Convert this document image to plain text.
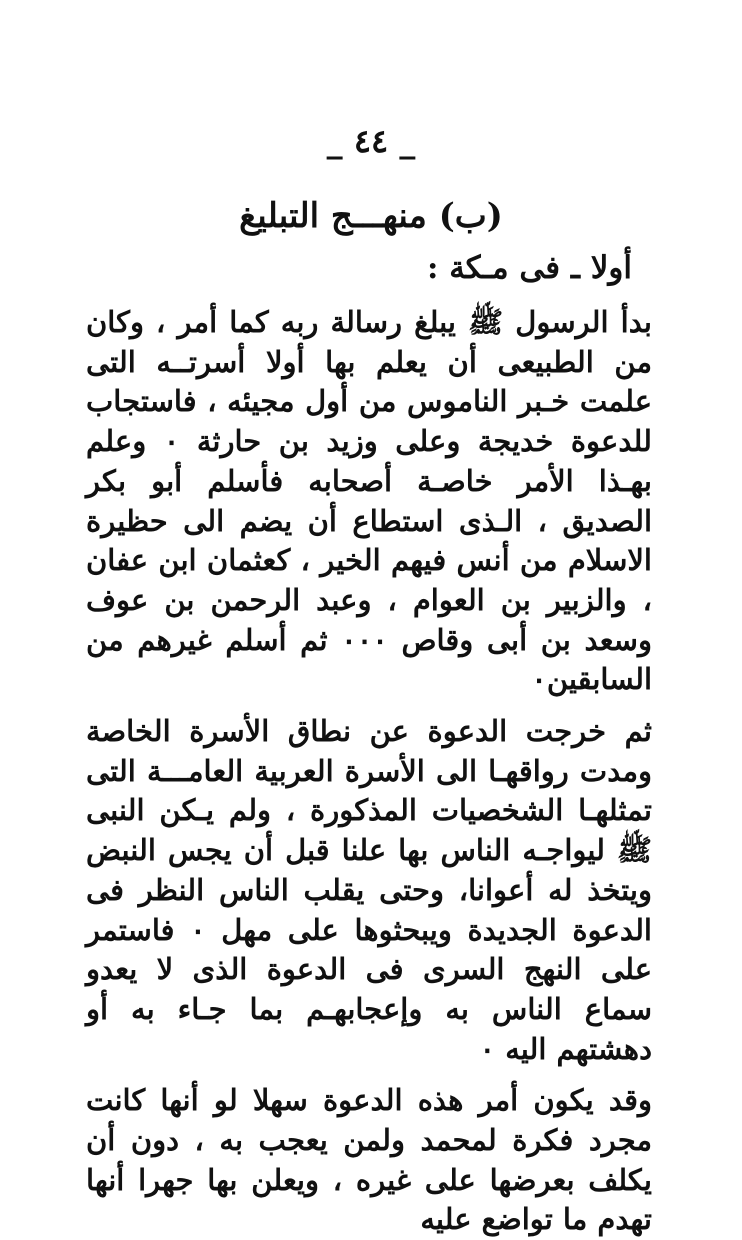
_ ٤٤ _
(ب) منهـــج التبليغ
أولا ـ فى مـكة :

بدأ الرسول ﷺ يبلغ رسالة ربه كما أمر ، وكان من الطبيعى أن يعلم بها أولا أسرتــه التى علمت خـبر الناموس من أول مجيئه ، فاستجاب للدعوة خديجة وعلى وزيد بن حارثة ٠ وعلم بهـذا الأمر خاصـة أصحابه فأسلم أبو بكر الصديق ، الـذى استطاع أن يضم الى حظيرة الاسلام من أنس فيهم الخير ، كعثمان ابن عفان ، والزبير بن العوام ، وعبد الرحمن بن عوف وسعد بن أبى وقاص ٠٠٠ ثم أسلم غيرهم من السابقين٠

ثم خرجت الدعوة عن نطاق الأسرة الخاصة ومدت رواقهـا الى الأسرة العربية العامـــة التى تمثلهـا الشخصيات المذكورة ، ولم يـكن النبى ﷺ ليواجـه الناس بها علنا قبل أن يجس النبض ويتخذ له أعوانا، وحتى يقلب الناس النظر فى الدعوة الجديدة ويبحثوها على مهل ٠ فاستمر على النهج السرى فى الدعوة الذى لا يعدو سماع الناس به وإعجابهـم بما جـاء به أو دهشتهم اليه ٠

وقد يكون أمر هذه الدعوة سهلا لو أنها كانت مجرد فكرة لمحمد ولمن يعجب به ، دون أن يكلف بعرضها على غيره ، ويعلن بها جهرا أنها تهدم ما تواضع عليه
